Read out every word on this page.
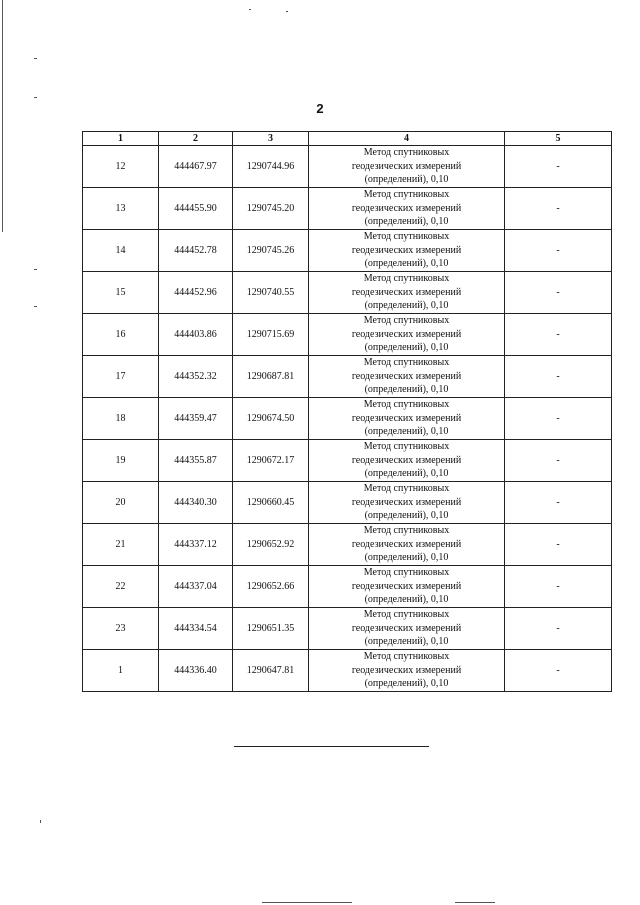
2
1	2	3	4	5
12	444467.97	1290744.96	Метод спутниковых
геодезических измерений
(определений), 0,10	-
13	444455.90	1290745.20	Метод спутниковых
геодезических измерений
(определений), 0,10	-
14	444452.78	1290745.26	Метод спутниковых
геодезических измерений
(определений), 0,10	-
15	444452.96	1290740.55	Метод спутниковых
геодезических измерений
(определений), 0,10	-
16	444403.86	1290715.69	Метод спутниковых
геодезических измерений
(определений), 0,10	-
17	444352.32	1290687.81	Метод спутниковых
геодезических измерений
(определений), 0,10	-
18	444359.47	1290674.50	Метод спутниковых
геодезических измерений
(определений), 0,10	-
19	444355.87	1290672.17	Метод спутниковых
геодезических измерений
(определений), 0,10	-
20	444340.30	1290660.45	Метод спутниковых
геодезических измерений
(определений), 0,10	-
21	444337.12	1290652.92	Метод спутниковых
геодезических измерений
(определений), 0,10	-
22	444337.04	1290652.66	Метод спутниковых
геодезических измерений
(определений), 0,10	-
23	444334.54	1290651.35	Метод спутниковых
геодезических измерений
(определений), 0,10	-
1	444336.40	1290647.81	Метод спутниковых
геодезических измерений
(определений), 0,10	-
